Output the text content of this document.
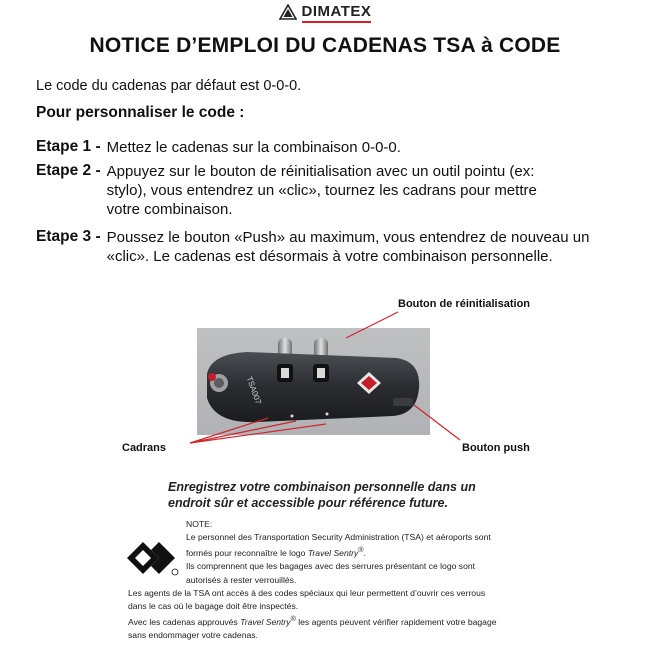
DIMATEX
NOTICE D’EMPLOI DU CADENAS TSA à CODE
Le code du cadenas par défaut est 0-0-0.
Pour personnaliser le code :
Etape 1 - Mettez le cadenas sur la combinaison 0-0-0.
Etape 2 - Appuyez sur le bouton de réinitialisation avec un outil pointu (ex: stylo), vous entendrez un «clic», tournez les cadrans pour mettre votre combinaison.
Etape 3 - Poussez le bouton «Push» au maximum, vous entendrez de nouveau un «clic». Le cadenas est désormais à votre combinaison personnelle.
TSA007
Bouton de réinitialisation
Cadrans	Bouton push
Enregistrez votre combinaison personnelle dans un
endroit sûr et accessible pour référence future.
NOTE:
Le personnel des Transportation Security Administration (TSA) et aéroports sont
formés pour reconnaître le logo Travel Sentry®.
Ils comprennent que les bagages avec des serrures présentant ce logo sont
autorisés à rester verrouillés.
Les agents de la TSA ont accès à des codes spéciaux qui leur permettent d’ouvrir ces verrous
dans le cas où le bagage doit être inspectés.
Avec les cadenas approuvés Travel Sentry® les agents peuvent vérifier rapidement votre bagage
sans endommager votre cadenas.
